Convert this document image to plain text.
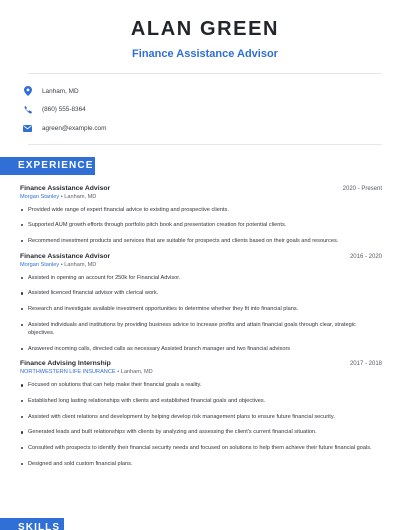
ALAN GREEN
Finance Assistance Advisor
Lanham, MD
(860) 555-8364
agreen@example.com
EXPERIENCE
Finance Assistance Advisor	2020 - Present
Morgan Stanley • Lanham, MD
Provided wide range of expert financial advice to existing and prospective clients.
Supported AUM growth efforts through portfolio pitch book and presentation creation for potential clients.
Recommend investment products and services that are suitable for prospects and clients based on their goals and resources.
Finance Assistance Advisor	2016 - 2020
Morgan Stanley • Lanham, MD
Assisted in opening an account for 250k for Financial Advisor.
Assisted licenced financial advisor with clerical work.
Research and investigate available investment opportunities to determine whether they fit into financial plans.
Assisted individuals and institutions by providing business advice to increase profits and attain financial goals through clear, strategic objectives.
Answered incoming calls, directed calls as necessary Assisted branch manager and two financial advisors
Finance Advising Internship	2017 - 2018
NORTHWESTERN LIFE INSURANCE • Lanham, MD
Focused on solutions that can help make their financial goals a reality.
Established long lasting relationships with clients and established financial goals and objectives.
Assisted with client relations and development by helping develop risk management plans to ensure future financial security.
Generated leads and built relationships with clients by analyzing and assessing the client's current financial situation.
Consulted with prospects to identify their financial security needs and focused on solutions to help them achieve their future financial goals.
Designed and sold custom financial plans.
SKILLS
